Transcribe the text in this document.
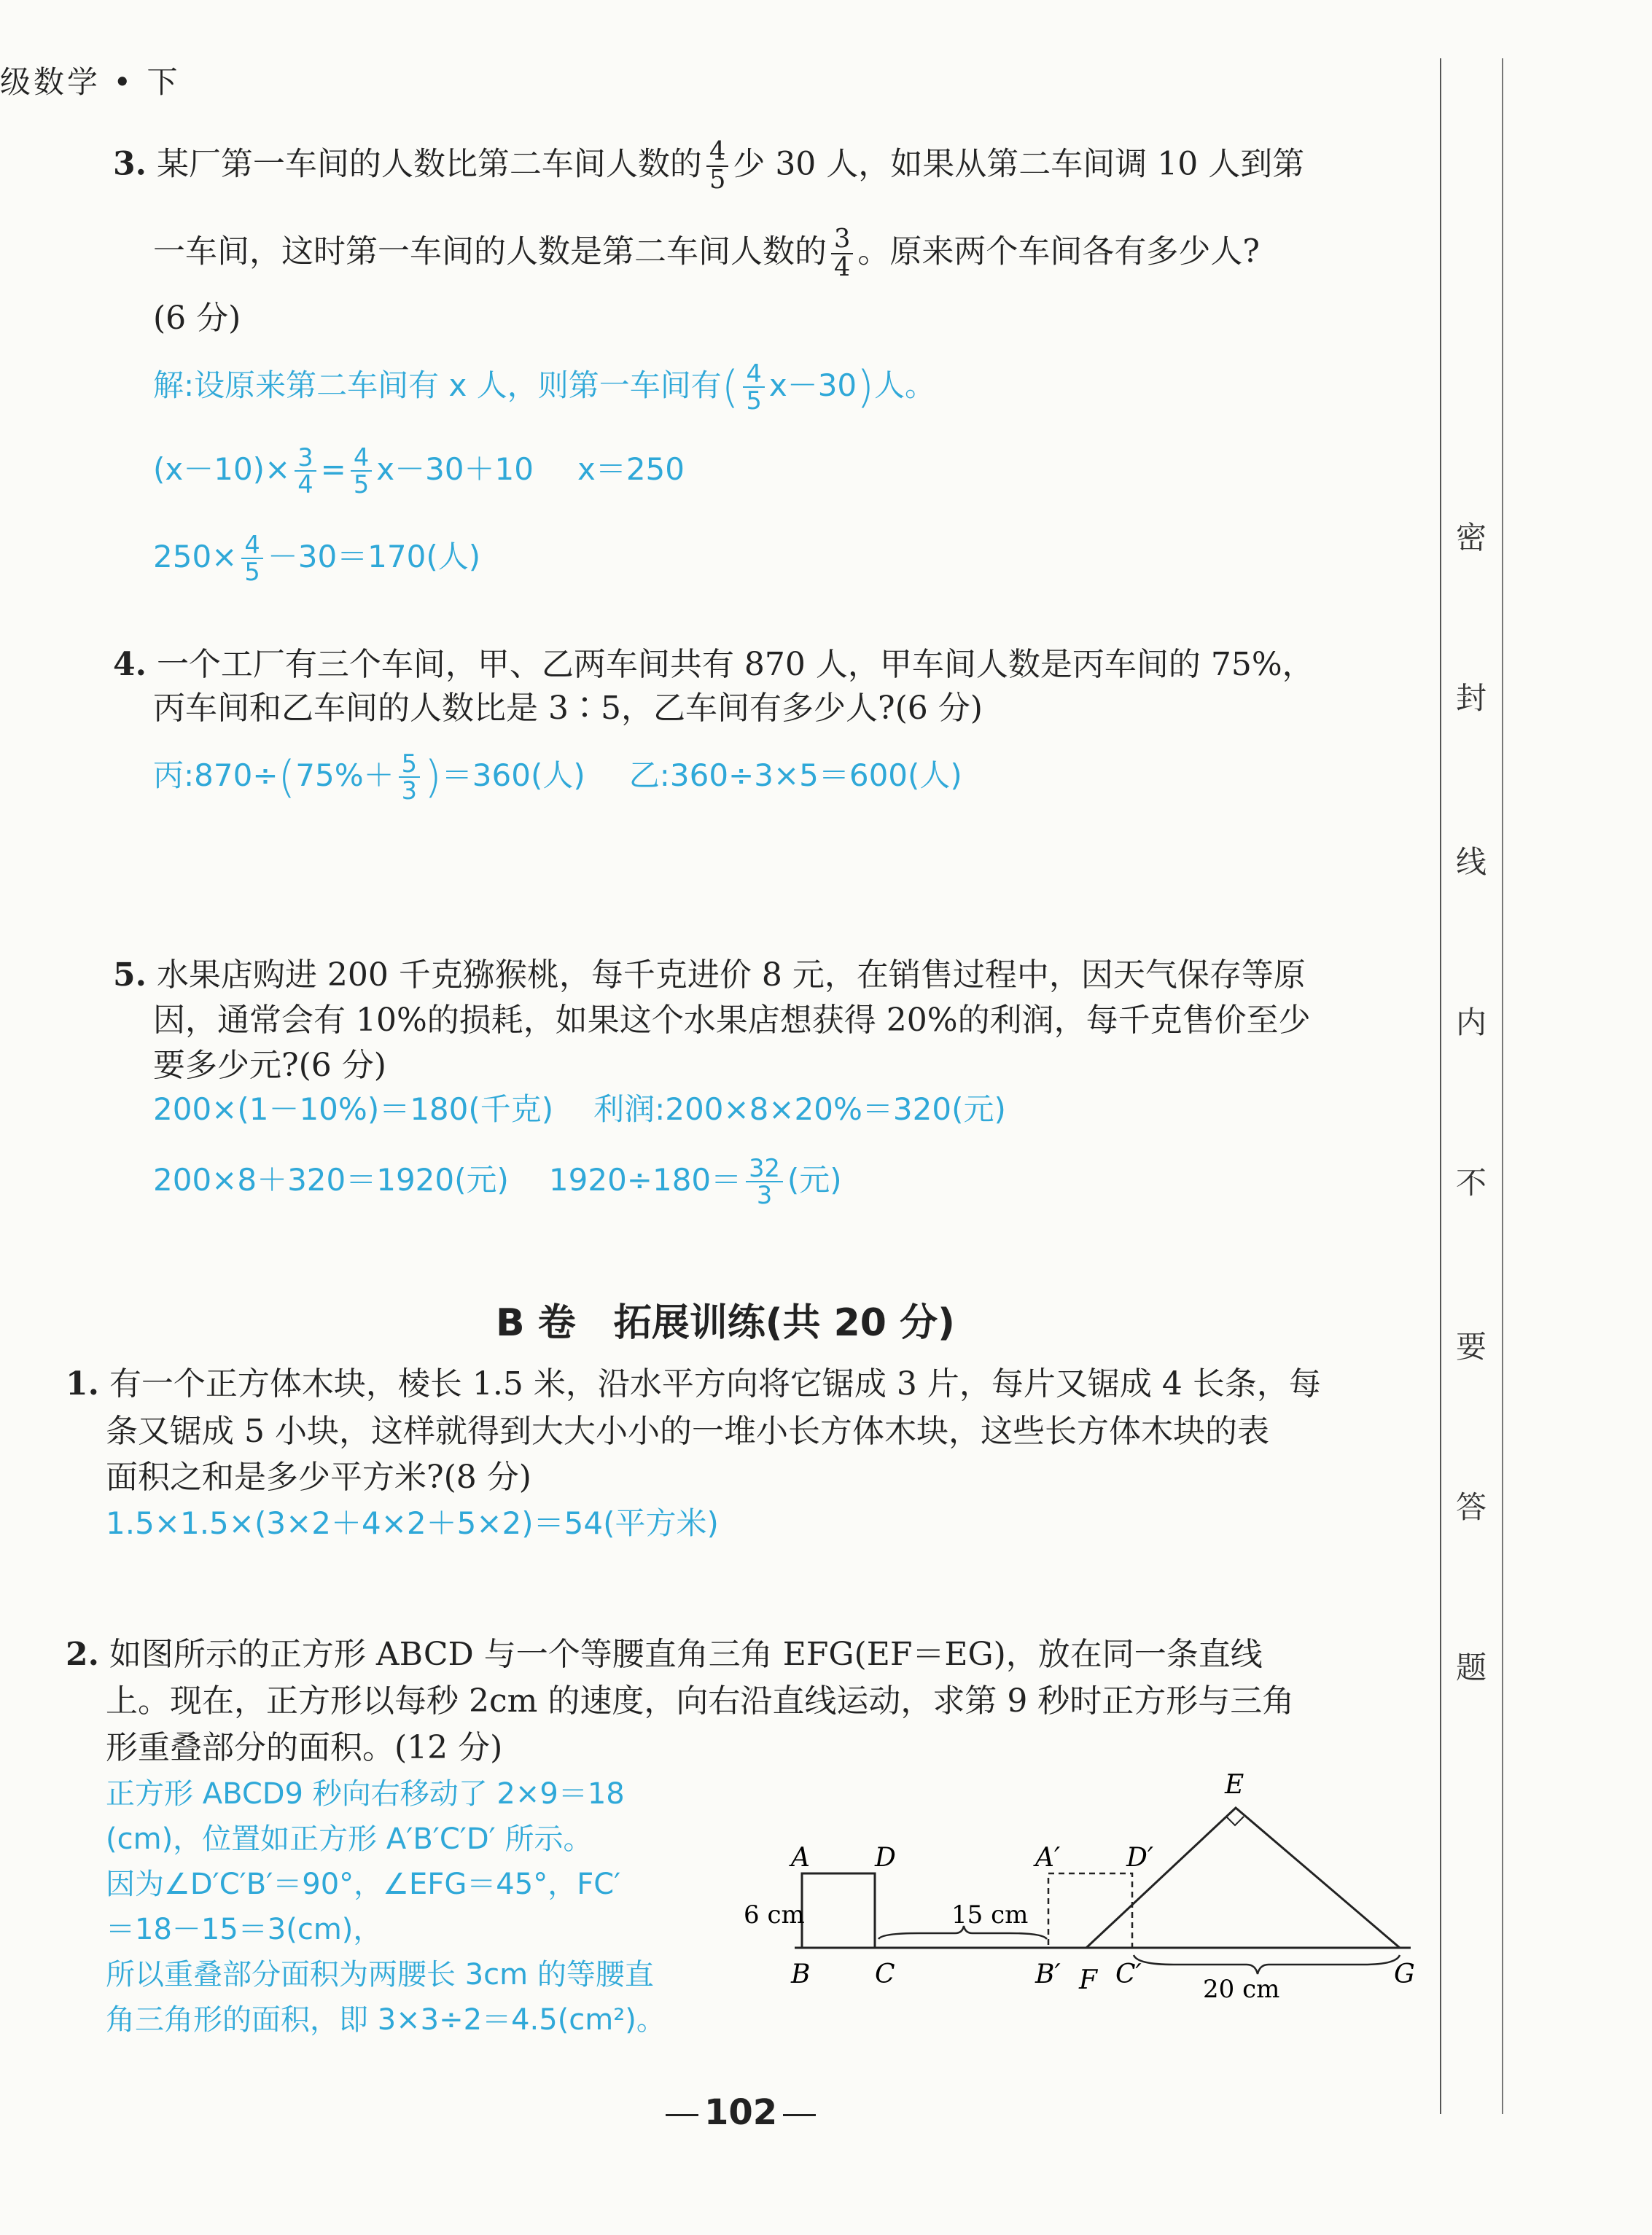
级数学 • 下
密
封
线
内
不
要
答
题
3. 某厂第一车间的人数比第二车间人数的 $\frac{4}{5}$ 少 30 人，如果从第二车间调 10 人到第
一车间，这时第一车间的人数是第二车间人数的 $\frac{3}{4}$ 。原来两个车间各有多少人?
(6 分)
解:设原来第二车间有 x 人，则第一车间有( $\frac{4}{5} x-30$)人。
$(x-10)\times \frac{3}{4} = \frac{4}{5} x-30+10$ x＝250
$250\times \frac{4}{5} -30=170$(人)
4. 一个工厂有三个车间，甲、乙两车间共有 870 人，甲车间人数是丙车间的 75%，
丙车间和乙车间的人数比是 3∶5，乙车间有多少人?(6 分)
丙:870÷(75%＋ $\frac{5}{3} )=360$(人) 乙:360÷3×5＝600(人)
5. 水果店购进 200 千克猕猴桃，每千克进价 8 元，在销售过程中，因天气保存等原
因，通常会有 10%的损耗，如果这个水果店想获得 20%的利润，每千克售价至少
要多少元?(6 分)
200×(1－10%)＝180(千克) 利润:200×8×20%＝320(元)
200×8＋320＝1920(元) $1920\div 180= \frac{32}{3}$ (元)
B 卷　拓展训练(共 20 分)
1. 有一个正方体木块，棱长 1.5 米，沿水平方向将它锯成 3 片，每片又锯成 4 长条，每
条又锯成 5 小块，这样就得到大大小小的一堆小长方体木块，这些长方体木块的表
面积之和是多少平方米?(8 分)
1.5×1.5×(3×2＋4×2＋5×2)＝54(平方米)
2. 如图所示的正方形 ABCD 与一个等腰直角三角 EFG(EF＝EG)，放在同一条直线
上。现在，正方形以每秒 2cm 的速度，向右沿直线运动，求第 9 秒时正方形与三角
形重叠部分的面积。(12 分)
正方形 ABCD9 秒向右移动了 2×9＝18
(cm)，位置如正方形 A′B′C′D′ 所示。
因为∠D′C′B′＝90°，∠EFG＝45°，FC′
＝18－15＝3(cm)，
所以重叠部分面积为两腰长 3cm 的等腰直
角三角形的面积，即 3×3÷2＝4.5(cm²)。
A D
B C
A′	D′
B′ F C′
E
G
6 cm	15 cm
20 cm
102
